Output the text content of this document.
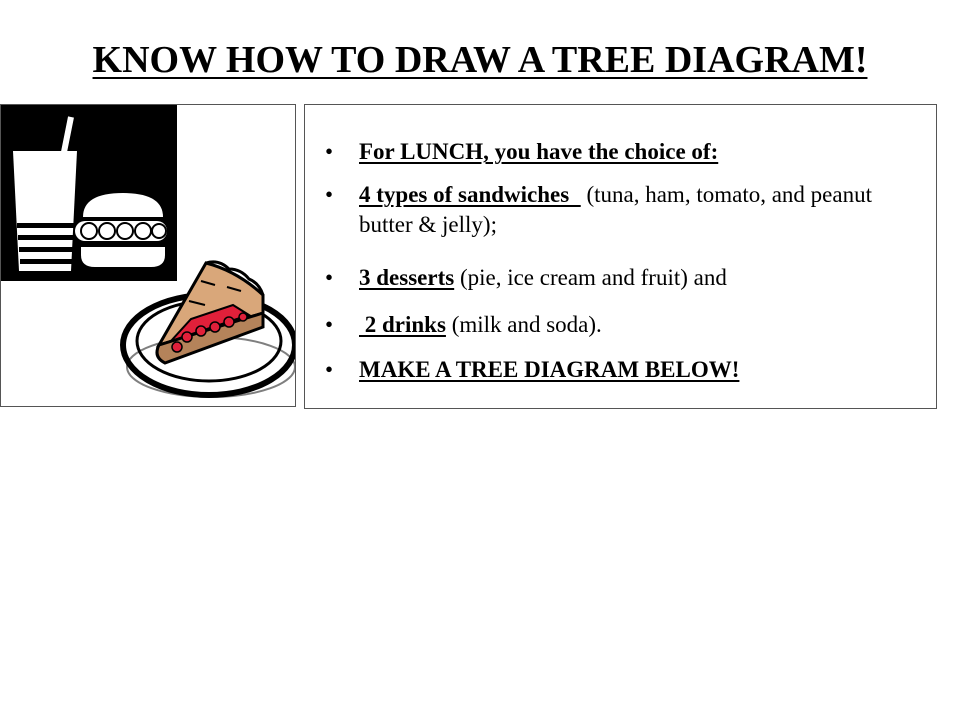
KNOW HOW TO DRAW A TREE DIAGRAM!
• For LUNCH, you have the choice of:
• 4 types of sandwiches   (tuna, ham, tomato, and peanut butter & jelly);
• 3 desserts (pie, ice cream and fruit) and
• 2 drinks (milk and soda).
• MAKE A TREE DIAGRAM BELOW!
